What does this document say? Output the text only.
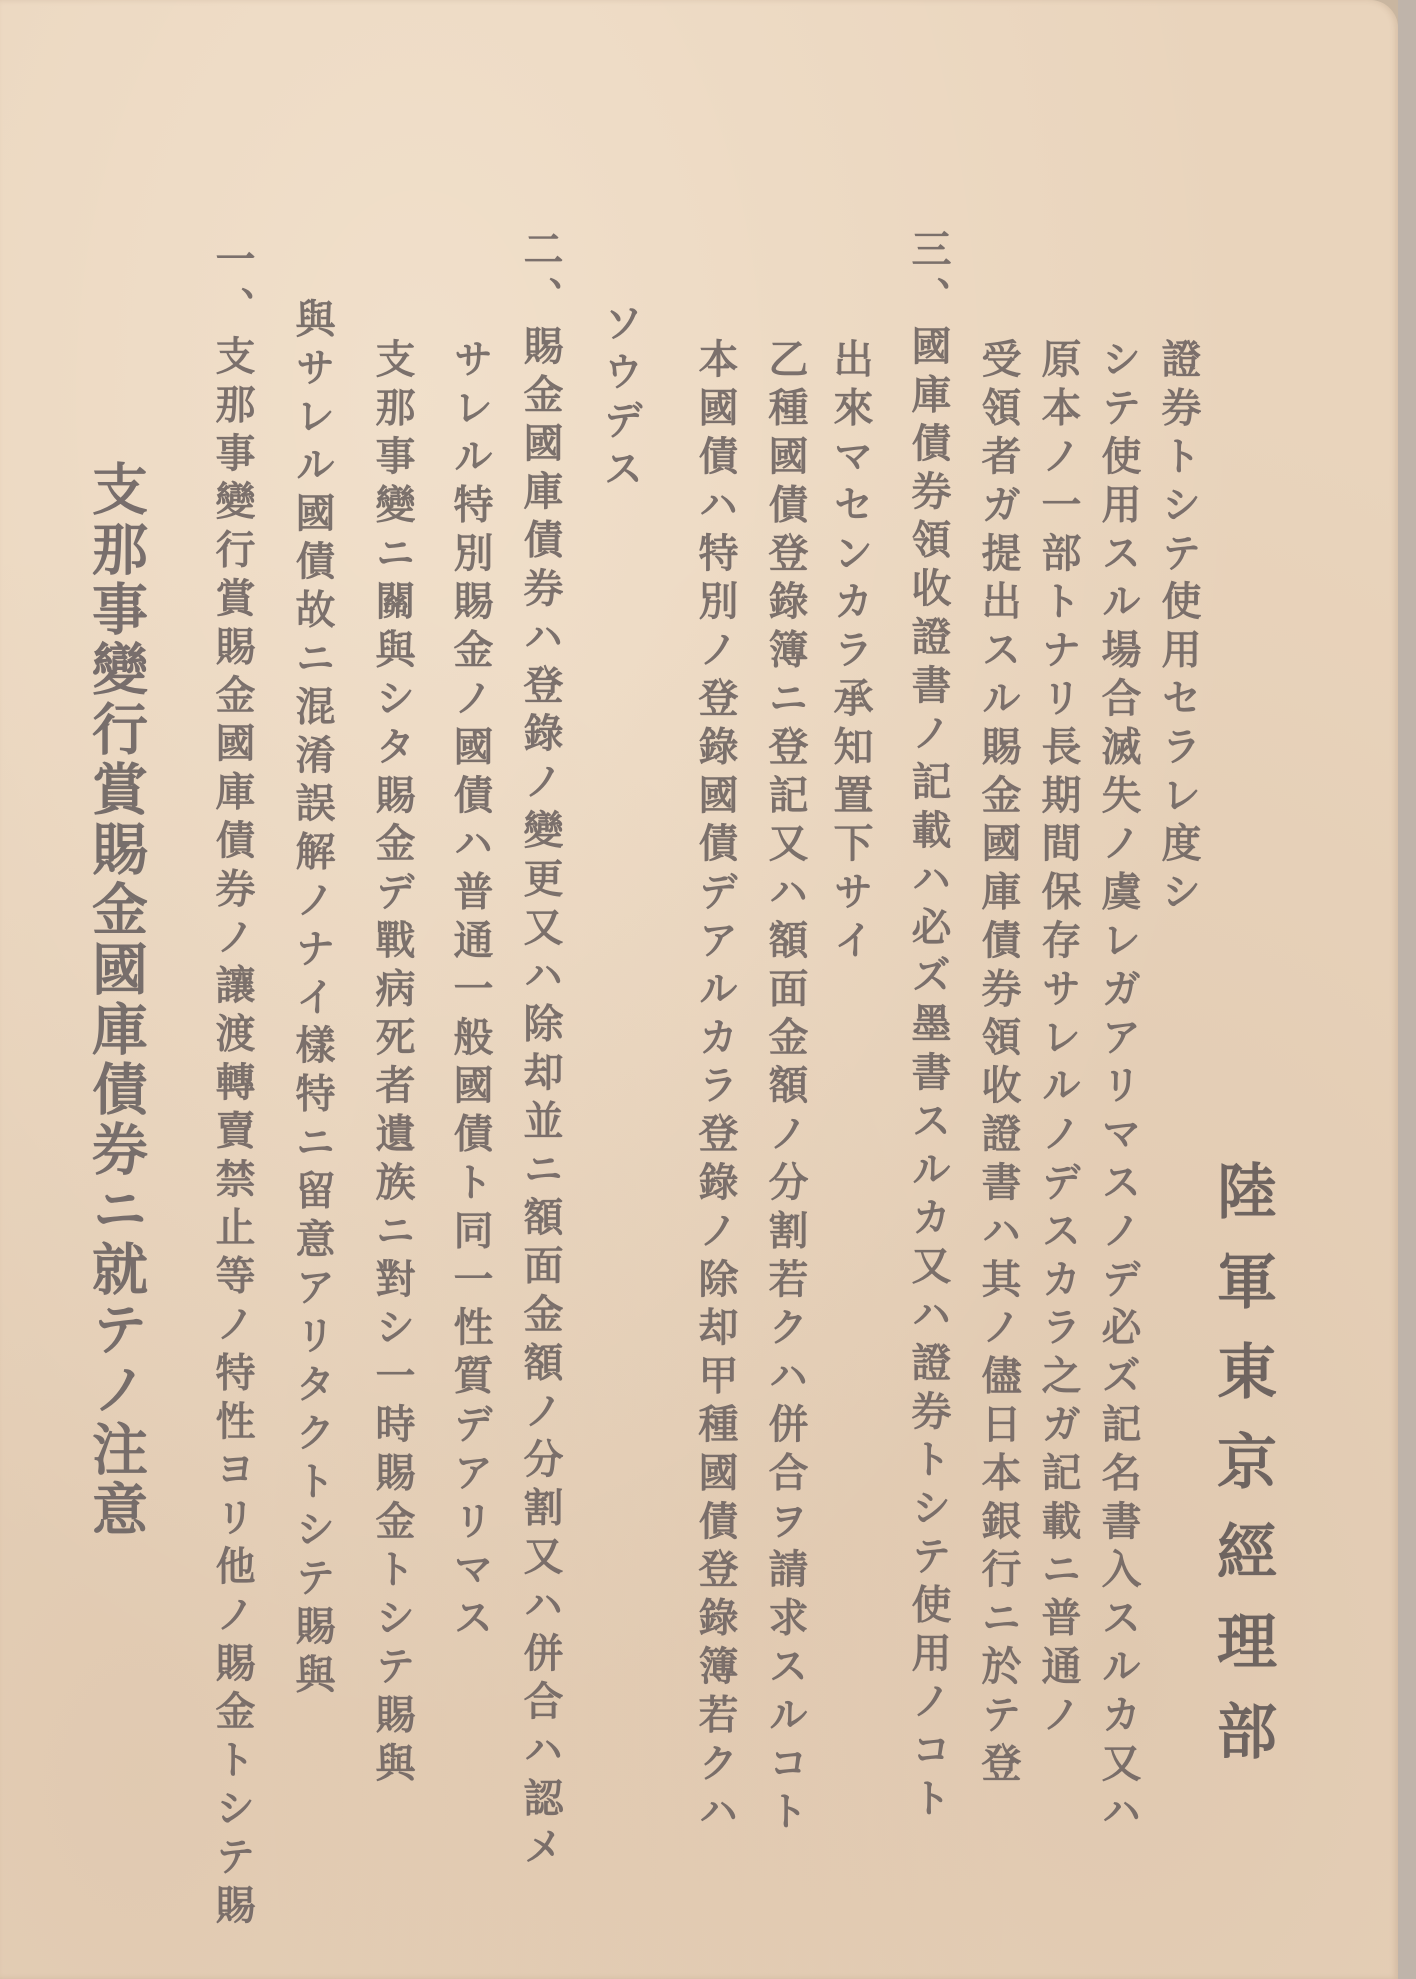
陸軍東京經理部
證券トシテ使用セラレ度シ
シテ使用スル場合滅失ノ虞レガアリマスノデ必ズ記名書入スルカ又ハ
原本ノ一部トナリ長期間保存サレルノデスカラ之ガ記載ニ普通ノ
受領者ガ提出スル賜金國庫債券領收證書ハ其ノ儘日本銀行ニ於テ登
三、國庫債券領收證書ノ記載ハ必ズ墨書スルカ又ハ證券トシテ使用ノコト
出來マセンカラ承知置下サイ
乙種國債登錄簿ニ登記又ハ額面金額ノ分割若クハ併合ヲ請求スルコト
本國債ハ特別ノ登錄國債デアルカラ登錄ノ除却甲種國債登錄簿若クハ
ソウデス
二、賜金國庫債券ハ登錄ノ變更又ハ除却並ニ額面金額ノ分割又ハ併合ハ認メ
サレル特別賜金ノ國債ハ普通一般國債ト同一性質デアリマス
支那事變ニ關與シタ賜金デ戰病死者遺族ニ對シ一時賜金トシテ賜與
與サレル國債故ニ混淆誤解ノナイ樣特ニ留意アリタクトシテ賜與
一、支那事變行賞賜金國庫債券ノ讓渡轉賣禁止等ノ特性ヨリ他ノ賜金トシテ賜
支那事變行賞賜金國庫債券ニ就テノ注意
